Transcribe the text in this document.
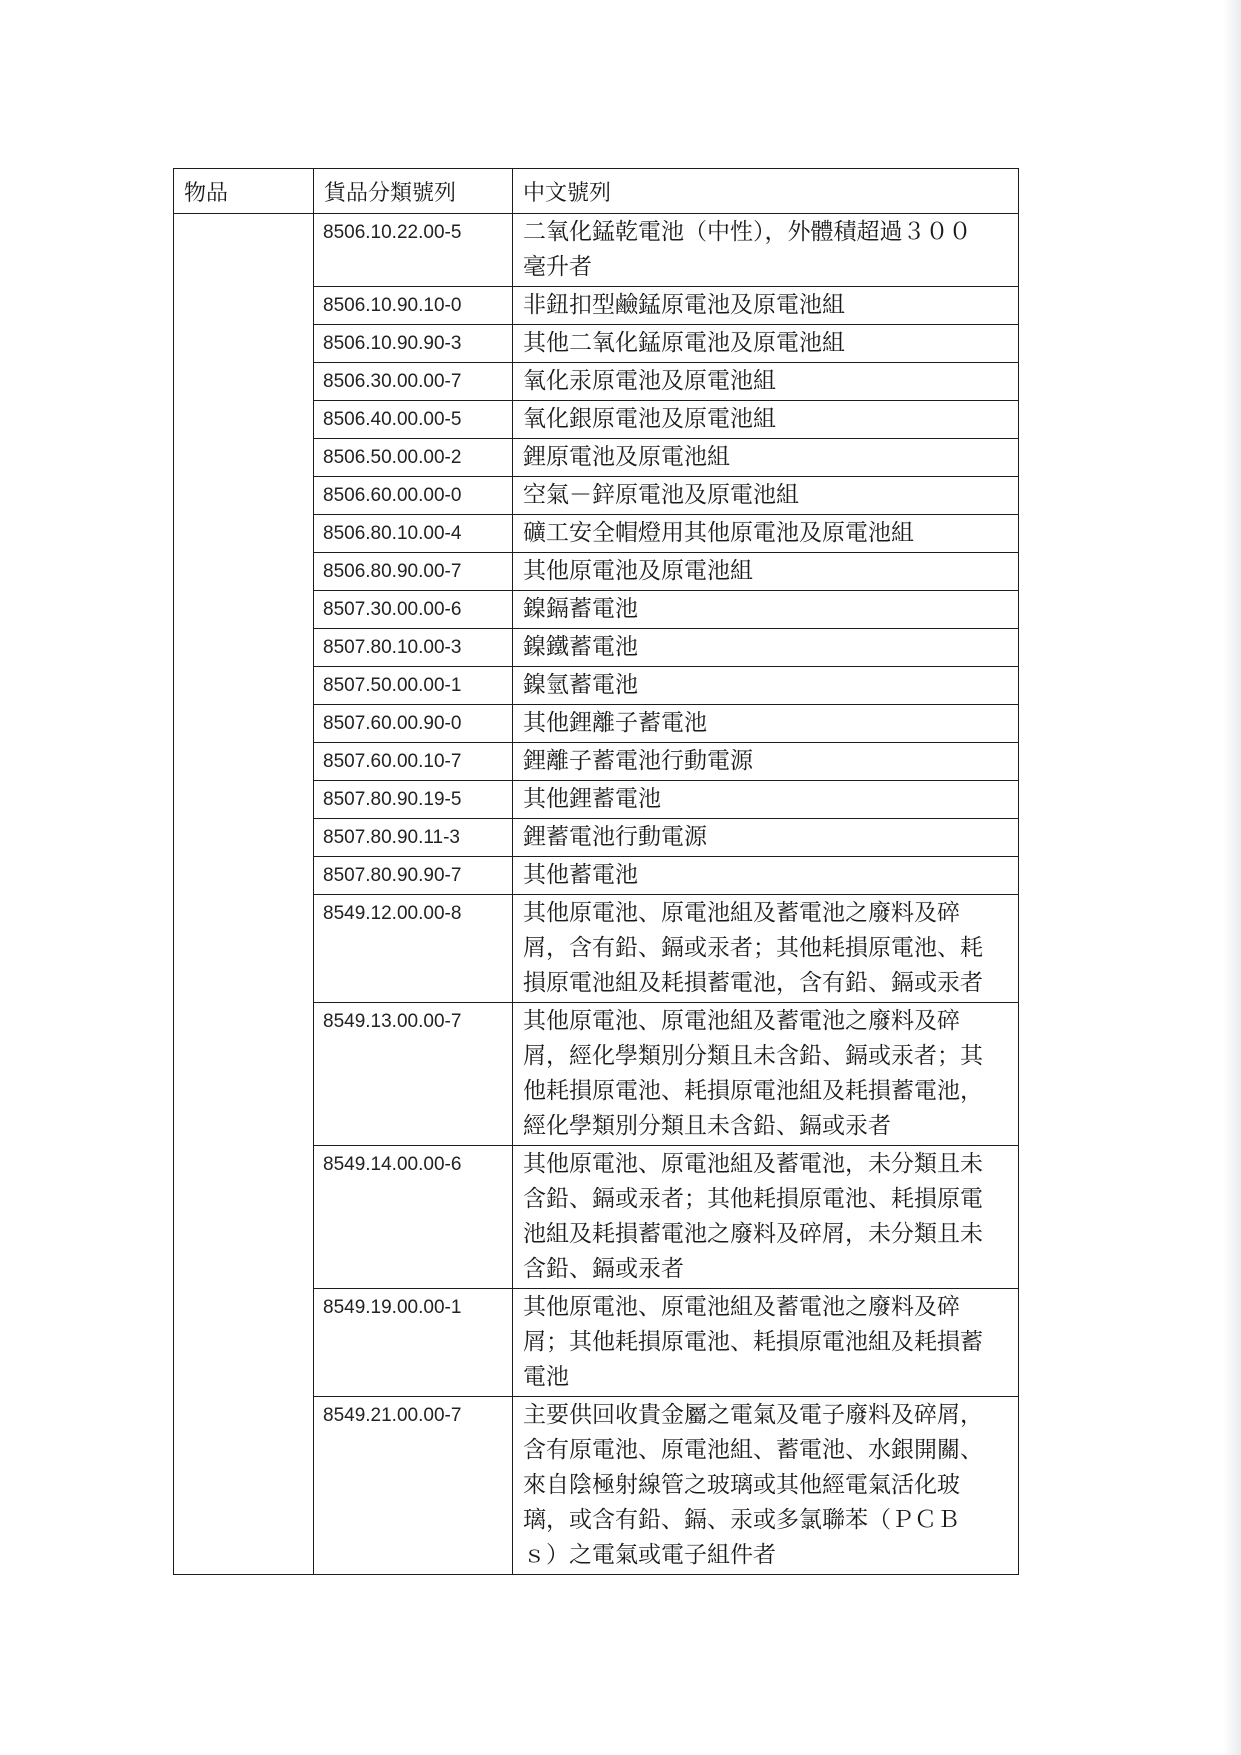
物品	貨品分類號列	中文號列
	8506.10.22.00-5	二氧化錳乾電池（中性），外體積超過３００
毫升者

	8506.10.90.10-0	非鈕扣型鹼錳原電池及原電池組

	8506.10.90.90-3	其他二氧化錳原電池及原電池組

	8506.30.00.00-7	氧化汞原電池及原電池組

	8506.40.00.00-5	氧化銀原電池及原電池組

	8506.50.00.00-2	鋰原電池及原電池組

	8506.60.00.00-0	空氣－鋅原電池及原電池組

	8506.80.10.00-4	礦工安全帽燈用其他原電池及原電池組

	8506.80.90.00-7	其他原電池及原電池組

	8507.30.00.00-6	鎳鎘蓄電池

	8507.80.10.00-3	鎳鐵蓄電池

	8507.50.00.00-1	鎳氫蓄電池

	8507.60.00.90-0	其他鋰離子蓄電池

	8507.60.00.10-7	鋰離子蓄電池行動電源

	8507.80.90.19-5	其他鋰蓄電池

	8507.80.90.11-3	鋰蓄電池行動電源

	8507.80.90.90-7	其他蓄電池

	8549.12.00.00-8	其他原電池、原電池組及蓄電池之廢料及碎
屑，含有鉛、鎘或汞者；其他耗損原電池、耗
損原電池組及耗損蓄電池，含有鉛、鎘或汞者

	8549.13.00.00-7	其他原電池、原電池組及蓄電池之廢料及碎
屑，經化學類別分類且未含鉛、鎘或汞者；其
他耗損原電池、耗損原電池組及耗損蓄電池，
經化學類別分類且未含鉛、鎘或汞者

	8549.14.00.00-6	其他原電池、原電池組及蓄電池，未分類且未
含鉛、鎘或汞者；其他耗損原電池、耗損原電
池組及耗損蓄電池之廢料及碎屑，未分類且未
含鉛、鎘或汞者

	8549.19.00.00-1	其他原電池、原電池組及蓄電池之廢料及碎
屑；其他耗損原電池、耗損原電池組及耗損蓄
電池

	8549.21.00.00-7	主要供回收貴金屬之電氣及電子廢料及碎屑，
含有原電池、原電池組、蓄電池、水銀開關、
來自陰極射線管之玻璃或其他經電氣活化玻
璃，或含有鉛、鎘、汞或多氯聯苯（ＰＣＢ
ｓ）之電氣或電子組件者
